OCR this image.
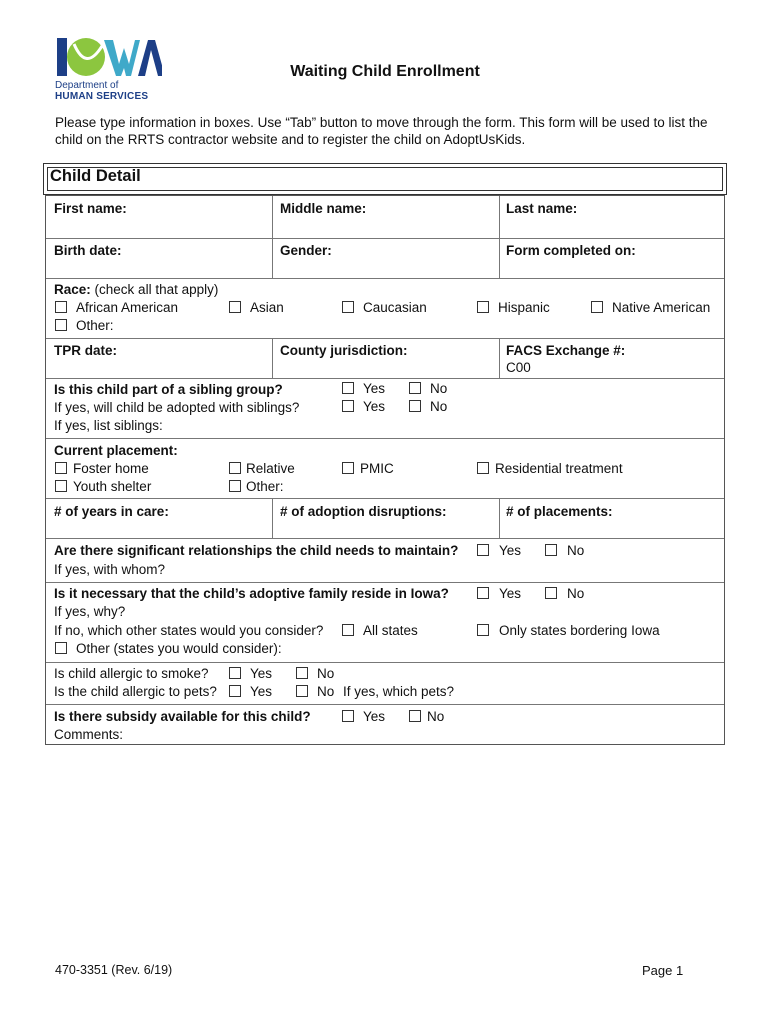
Department of
HUMAN SERVICES
Waiting Child Enrollment
Please type information in boxes. Use “Tab” button to move through the form. This form will be used to list the child on the RRTS contractor website and to register the child on AdoptUsKids.
Child Detail
First name:	Middle name:	Last name:
Birth date:	Gender:	Form completed on:
Race: (check all that apply)
African American	Asian	Caucasian	Hispanic	Native American
Other:
TPR date:	County jurisdiction:	FACS Exchange #:
C00
Is this child part of a sibling group?	Yes	No
If yes, will child be adopted with siblings?	Yes	No
If yes, list siblings:
Current placement:
Foster home	Relative	PMIC	Residential treatment
Youth shelter	Other:
# of years in care:	# of adoption disruptions:	# of placements:
Are there significant relationships the child needs to maintain?	Yes	No
If yes, with whom?
Is it necessary that the child’s adoptive family reside in Iowa?	Yes	No
If yes, why?
If no, which other states would you consider?	All states	Only states bordering Iowa
Other (states you would consider):
Is child allergic to smoke?	Yes	No
Is the child allergic to pets? Yes	No If yes, which pets?
Is there subsidy available for this child?	Yes	No
Comments:
470-3351 (Rev. 6/19)	Page 1
